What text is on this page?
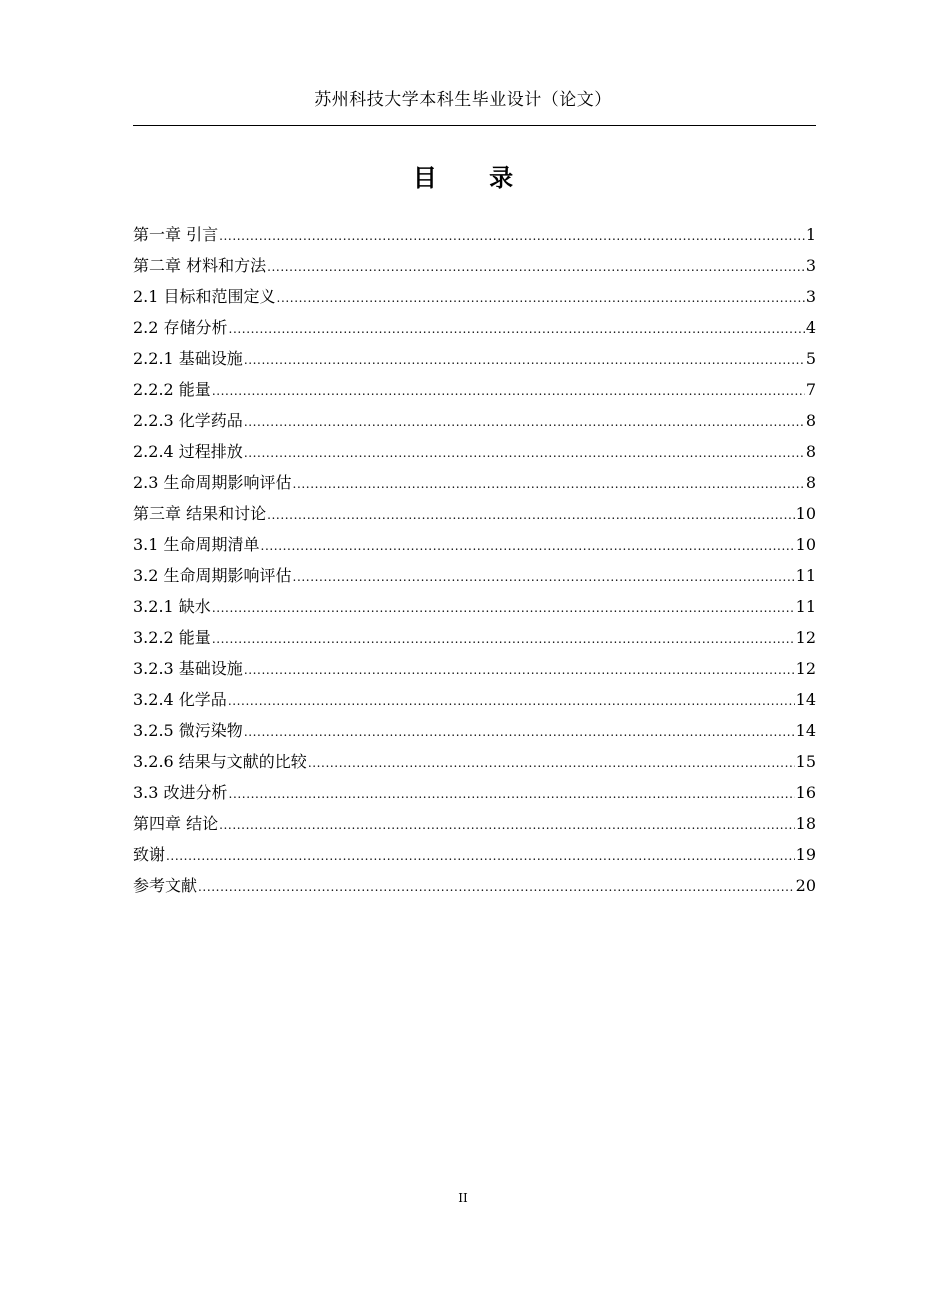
苏州科技大学本科生毕业设计（论文）
目 录
第一章 引言 .....	1
第二章 材料和方法 .....	3
2.1 目标和范围定义 .....	3
2.2 存储分析 .....	4
2.2.1 基础设施 .....	5
2.2.2 能量 .....	7
2.2.3 化学药品 .....	8
2.2.4 过程排放 .....	8
2.3 生命周期影响评估 .....	8
第三章 结果和讨论 .....	10
3.1 生命周期清单 .....	10
3.2 生命周期影响评估 .....	11
3.2.1 缺水 .....	11
3.2.2 能量 .....	12
3.2.3 基础设施 .....	12
3.2.4 化学品 .....	14
3.2.5 微污染物 .....	14
3.2.6 结果与文献的比较 .....	15
3.3 改进分析 .....	16
第四章 结论 .....	18
致谢 .....	19
参考文献 .....	20
II
